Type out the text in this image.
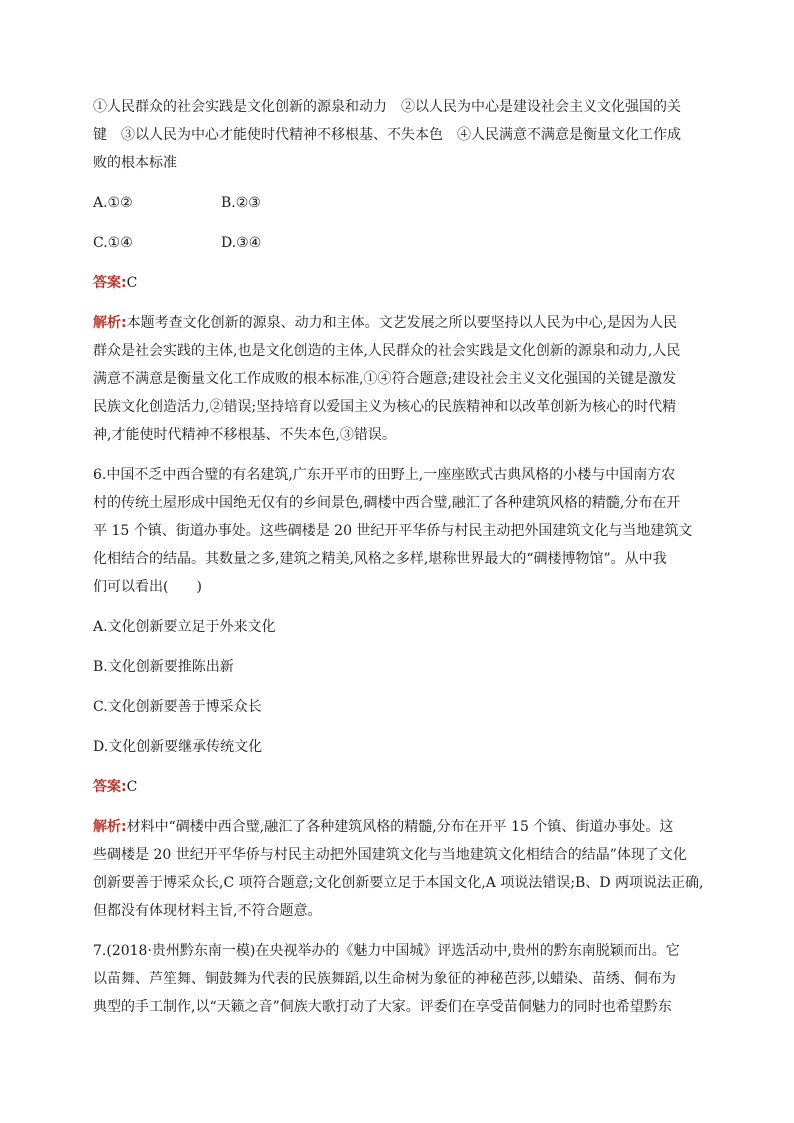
①人民群众的社会实践是文化创新的源泉和动力　②以人民为中心是建设社会主义文化强国的关
键　③以人民为中心才能使时代精神不移根基、不失本色　④人民满意不满意是衡量文化工作成
败的根本标准
A.①②	B.②③
C.①④	D.③④
答案:C
解析:本题考查文化创新的源泉、动力和主体。文艺发展之所以要坚持以人民为中心,是因为人民
群众是社会实践的主体,也是文化创造的主体,人民群众的社会实践是文化创新的源泉和动力,人民
满意不满意是衡量文化工作成败的根本标准,①④符合题意;建设社会主义文化强国的关键是激发
民族文化创造活力,②错误;坚持培育以爱国主义为核心的民族精神和以改革创新为核心的时代精
神,才能使时代精神不移根基、不失本色,③错误。
6.中国不乏中西合璧的有名建筑,广东开平市的田野上,一座座欧式古典风格的小楼与中国南方农
村的传统土屋形成中国绝无仅有的乡间景色,碉楼中西合璧,融汇了各种建筑风格的精髓,分布在开
平 15 个镇、街道办事处。这些碉楼是 20 世纪开平华侨与村民主动把外国建筑文化与当地建筑文
化相结合的结晶。其数量之多,建筑之精美,风格之多样,堪称世界最大的“碉楼博物馆”。从中我
们可以看出(　　)
A.文化创新要立足于外来文化
B.文化创新要推陈出新
C.文化创新要善于博采众长
D.文化创新要继承传统文化
答案:C
解析:材料中“碉楼中西合璧,融汇了各种建筑风格的精髓,分布在开平 15 个镇、街道办事处。这
些碉楼是 20 世纪开平华侨与村民主动把外国建筑文化与当地建筑文化相结合的结晶”体现了文化
创新要善于博采众长,C 项符合题意;文化创新要立足于本国文化,A 项说法错误;B、D 两项说法正确,
但都没有体现材料主旨,不符合题意。
7.(2018·贵州黔东南一模)在央视举办的《魅力中国城》评选活动中,贵州的黔东南脱颖而出。它
以苗舞、芦笙舞、铜鼓舞为代表的民族舞蹈,以生命树为象征的神秘芭莎,以蜡染、苗绣、侗布为
典型的手工制作,以“天籁之音”侗族大歌打动了大家。评委们在享受苗侗魅力的同时也希望黔东
